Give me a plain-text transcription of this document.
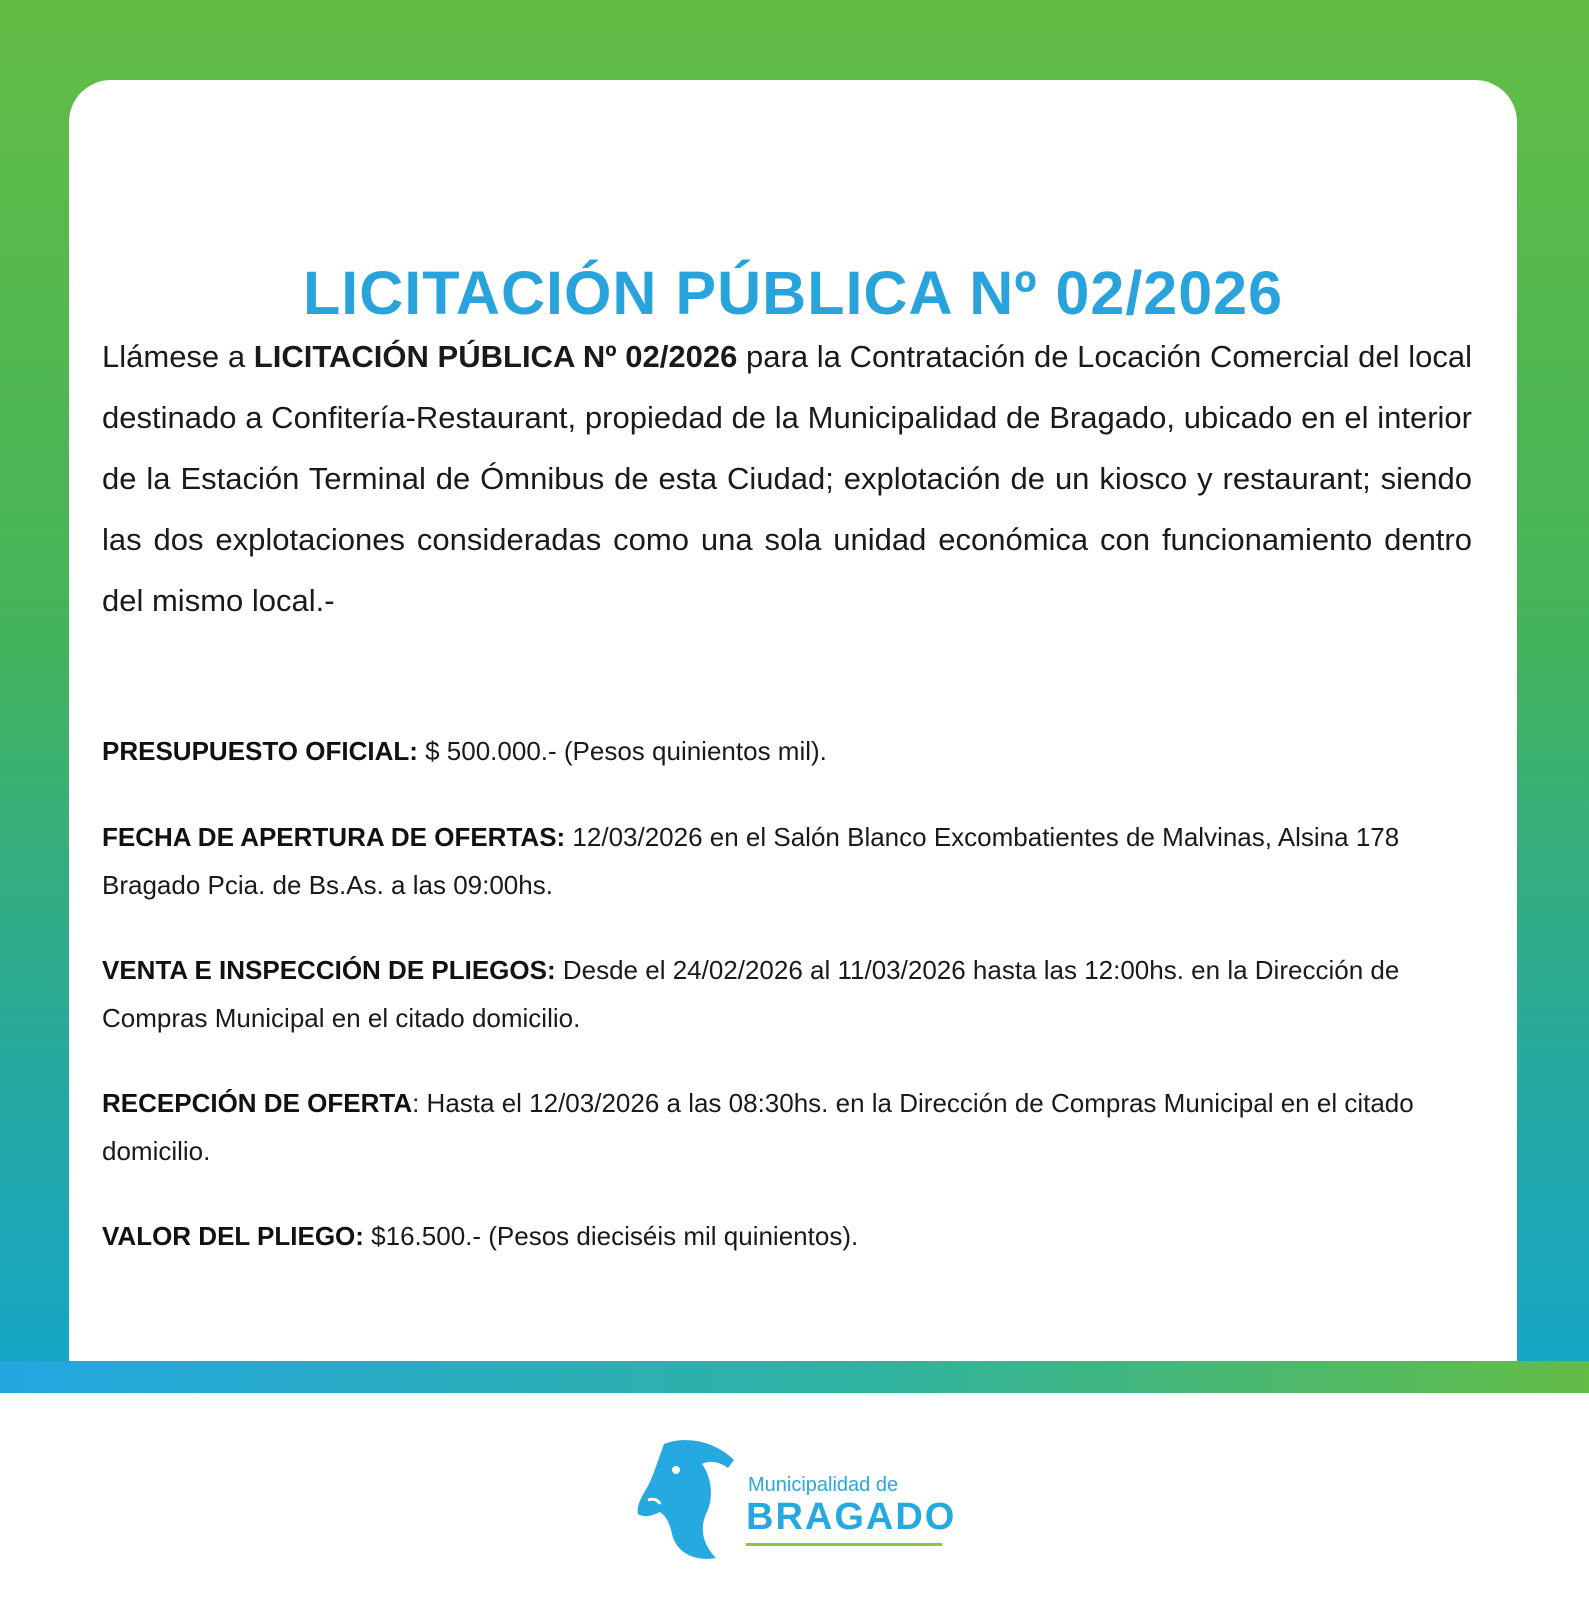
LICITACIÓN PÚBLICA Nº 02/2026

Llámese a LICITACIÓN PÚBLICA Nº 02/2026 para la Contratación de Locación Comercial del local destinado a Confitería-Restaurant, propiedad de la Municipalidad de Bragado, ubicado en el interior de la Estación Terminal de Ómnibus de esta Ciudad; explotación de un kiosco y restaurant; siendo las dos explotaciones consideradas como una sola unidad económica con funcionamiento dentro del mismo local.-

PRESUPUESTO OFICIAL: $ 500.000.- (Pesos quinientos mil).

FECHA DE APERTURA DE OFERTAS: 12/03/2026 en el Salón Blanco Excombatientes de Malvinas, Alsina 178 Bragado Pcia. de Bs.As. a las 09:00hs.

VENTA E INSPECCIÓN DE PLIEGOS: Desde el 24/02/2026 al 11/03/2026 hasta las 12:00hs. en la Dirección de Compras Municipal en el citado domicilio.

RECEPCIÓN DE OFERTA: Hasta el 12/03/2026 a las 08:30hs. en la Dirección de Compras Municipal en el citado domicilio.

VALOR DEL PLIEGO: $16.500.- (Pesos dieciséis mil quinientos).

Municipalidad de
BRAGADO
